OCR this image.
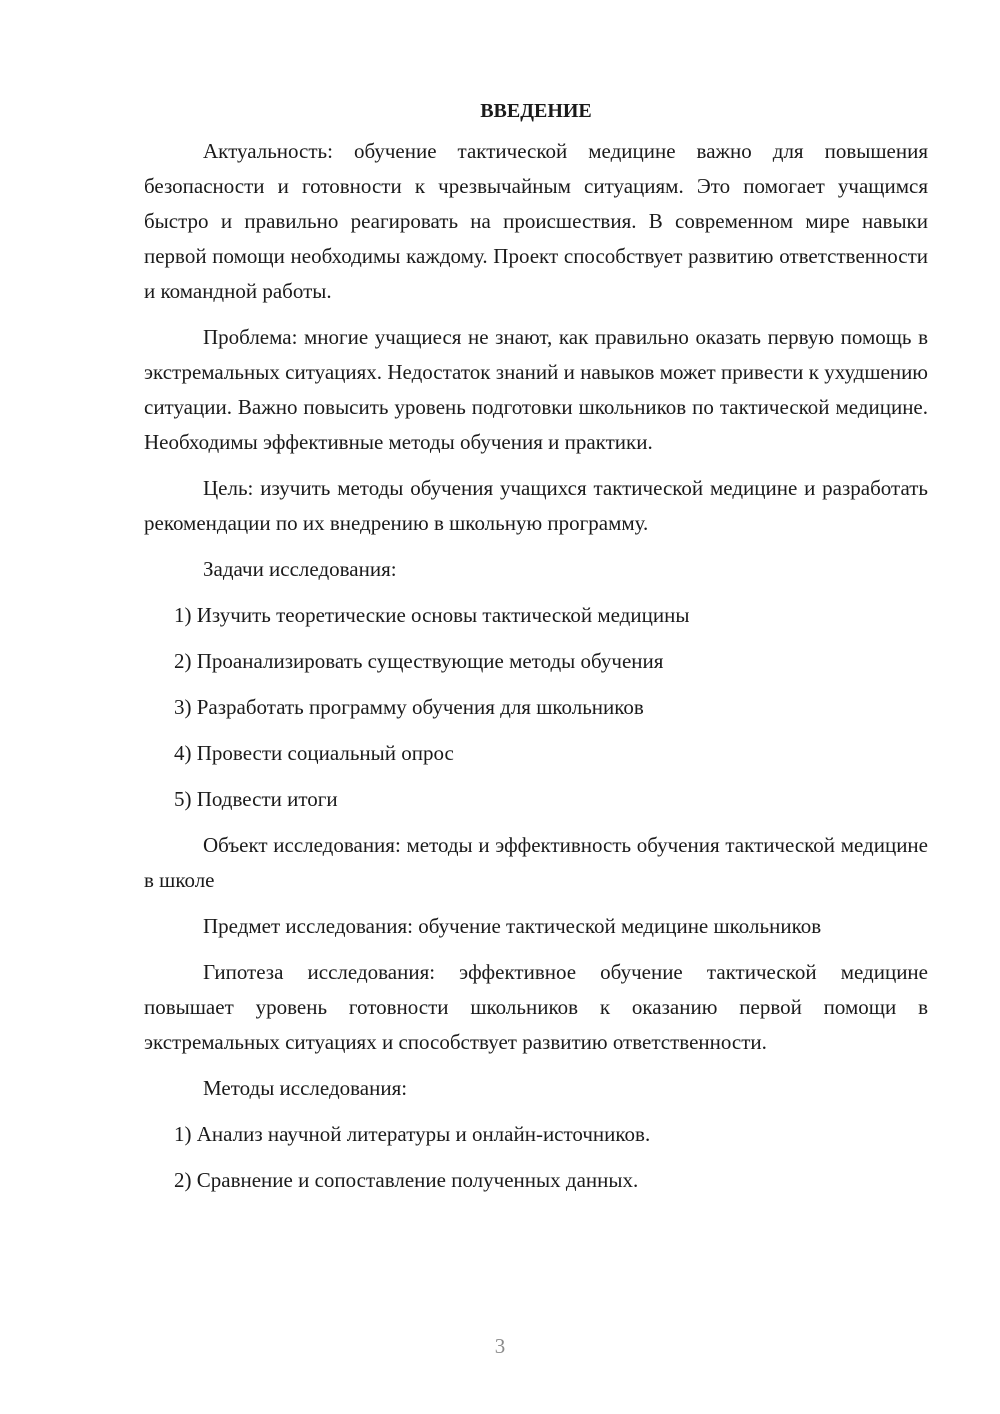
ВВЕДЕНИЕ

Актуальность: обучение тактической медицине важно для повышения безопасности и готовности к чрезвычайным ситуациям. Это помогает учащимся быстро и правильно реагировать на происшествия. В современном мире навыки первой помощи необходимы каждому. Проект способствует развитию ответственности и командной работы.

Проблема: многие учащиеся не знают, как правильно оказать первую помощь в экстремальных ситуациях. Недостаток знаний и навыков может привести к ухудшению ситуации. Важно повысить уровень подготовки школьников по тактической медицине. Необходимы эффективные методы обучения и практики.

Цель: изучить методы обучения учащихся тактической медицине и разработать рекомендации по их внедрению в школьную программу.

Задачи исследования:

1) Изучить теоретические основы тактической медицины

2) Проанализировать существующие методы обучения

3) Разработать программу обучения для школьников

4) Провести социальный опрос

5) Подвести итоги

Объект исследования: методы и эффективность обучения тактической медицине в школе

Предмет исследования: обучение тактической медицине школьников

Гипотеза исследования: эффективное обучение тактической медицине повышает уровень готовности школьников к оказанию первой помощи в экстремальных ситуациях и способствует развитию ответственности.

Методы исследования:

1) Анализ научной литературы и онлайн-источников.

2) Сравнение и сопоставление полученных данных.

3
